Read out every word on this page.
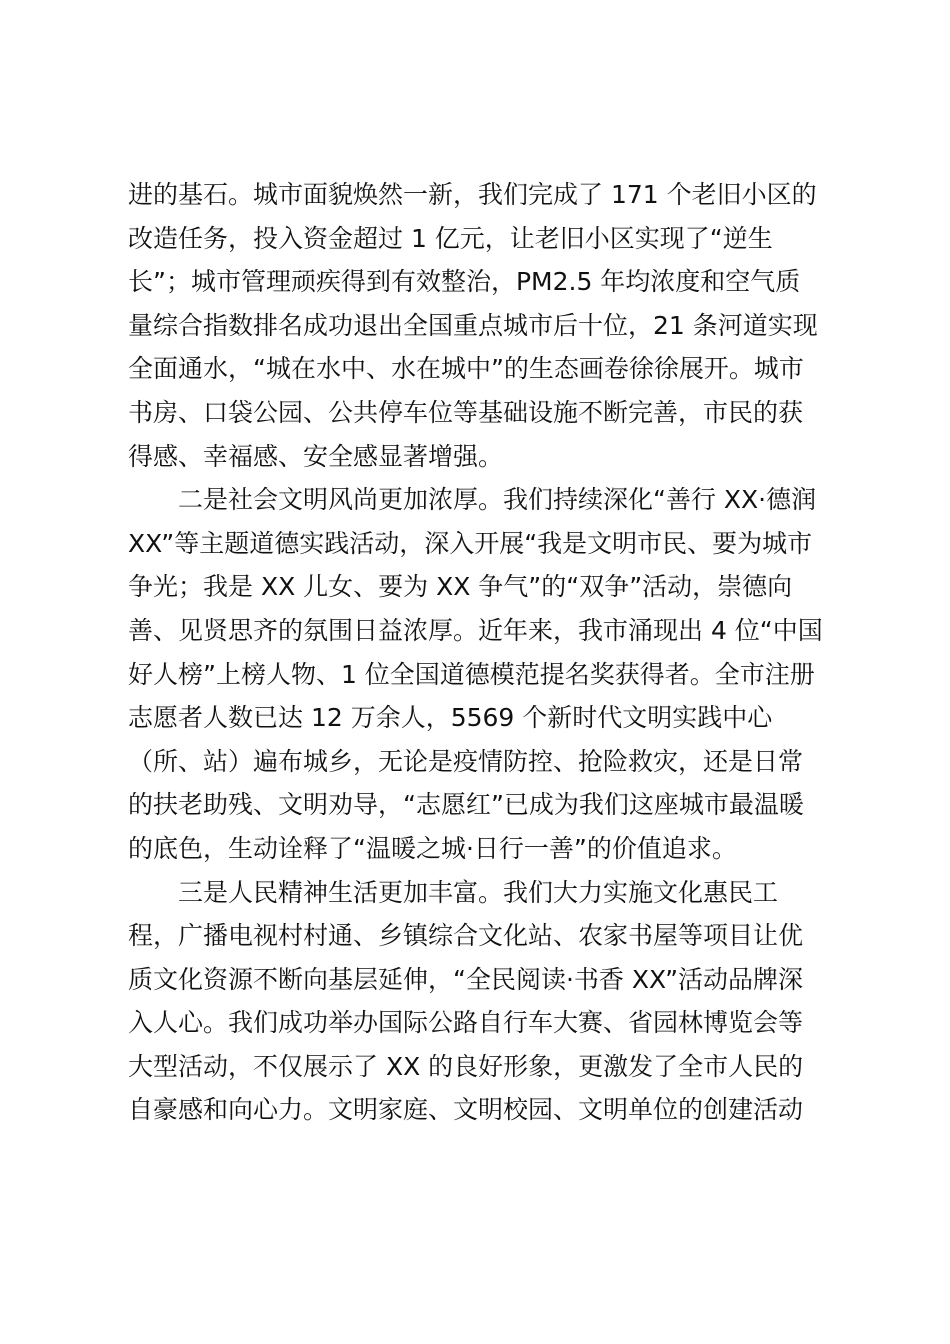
进的基石。城市面貌焕然一新，我们完成了 171 个老旧小区的
改造任务，投入资金超过 1 亿元，让老旧小区实现了“逆生
长”；城市管理顽疾得到有效整治，PM2.5 年均浓度和空气质
量综合指数排名成功退出全国重点城市后十位，21 条河道实现
全面通水，“城在水中、水在城中”的生态画卷徐徐展开。城市
书房、口袋公园、公共停车位等基础设施不断完善，市民的获
得感、幸福感、安全感显著增强。
二是社会文明风尚更加浓厚。我们持续深化“善行 XX·德润
XX”等主题道德实践活动，深入开展“我是文明市民、要为城市
争光；我是 XX 儿女、要为 XX 争气”的“双争”活动，崇德向
善、见贤思齐的氛围日益浓厚。近年来，我市涌现出 4 位“中国
好人榜”上榜人物、1 位全国道德模范提名奖获得者。全市注册
志愿者人数已达 12 万余人，5569 个新时代文明实践中心
（所、站）遍布城乡，无论是疫情防控、抢险救灾，还是日常
的扶老助残、文明劝导，“志愿红”已成为我们这座城市最温暖
的底色，生动诠释了“温暖之城·日行一善”的价值追求。
三是人民精神生活更加丰富。我们大力实施文化惠民工
程，广播电视村村通、乡镇综合文化站、农家书屋等项目让优
质文化资源不断向基层延伸，“全民阅读·书香 XX”活动品牌深
入人心。我们成功举办国际公路自行车大赛、省园林博览会等
大型活动，不仅展示了 XX 的良好形象，更激发了全市人民的
自豪感和向心力。文明家庭、文明校园、文明单位的创建活动
